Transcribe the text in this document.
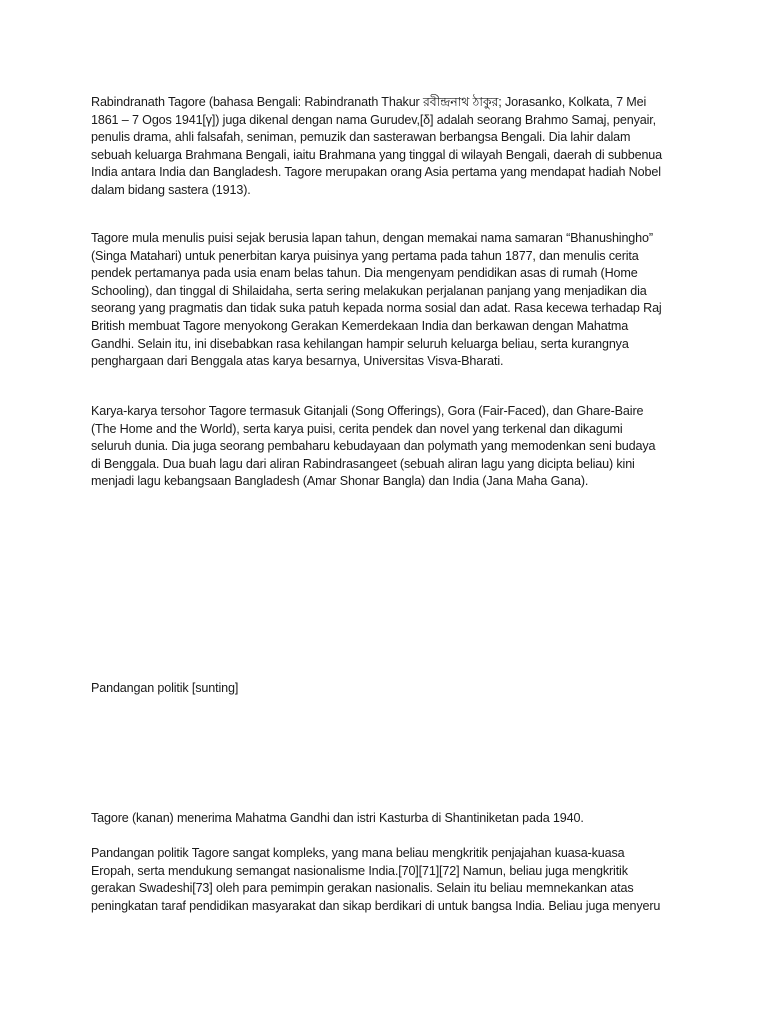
Rabindranath Tagore (bahasa Bengali: Rabindranath Thakur রবীন্দ্রনাথ ঠাকুর; Jorasanko, Kolkata, 7 Mei
1861 – 7 Ogos 1941[γ]) juga dikenal dengan nama Gurudev,[δ] adalah seorang Brahmo Samaj, penyair,
penulis drama, ahli falsafah, seniman, pemuzik dan sasterawan berbangsa Bengali. Dia lahir dalam
sebuah keluarga Brahmana Bengali, iaitu Brahmana yang tinggal di wilayah Bengali, daerah di subbenua
India antara India dan Bangladesh. Tagore merupakan orang Asia pertama yang mendapat hadiah Nobel
dalam bidang sastera (1913).
Tagore mula menulis puisi sejak berusia lapan tahun, dengan memakai nama samaran “Bhanushingho”
(Singa Matahari) untuk penerbitan karya puisinya yang pertama pada tahun 1877, dan menulis cerita
pendek pertamanya pada usia enam belas tahun. Dia mengenyam pendidikan asas di rumah (Home
Schooling), dan tinggal di Shilaidaha, serta sering melakukan perjalanan panjang yang menjadikan dia
seorang yang pragmatis dan tidak suka patuh kepada norma sosial dan adat. Rasa kecewa terhadap Raj
British membuat Tagore menyokong Gerakan Kemerdekaan India dan berkawan dengan Mahatma
Gandhi. Selain itu, ini disebabkan rasa kehilangan hampir seluruh keluarga beliau, serta kurangnya
penghargaan dari Benggala atas karya besarnya, Universitas Visva-Bharati.
Karya-karya tersohor Tagore termasuk Gitanjali (Song Offerings), Gora (Fair-Faced), dan Ghare-Baire
(The Home and the World), serta karya puisi, cerita pendek dan novel yang terkenal dan dikagumi
seluruh dunia. Dia juga seorang pembaharu kebudayaan dan polymath yang memodenkan seni budaya
di Benggala. Dua buah lagu dari aliran Rabindrasangeet (sebuah aliran lagu yang dicipta beliau) kini
menjadi lagu kebangsaan Bangladesh (Amar Shonar Bangla) dan India (Jana Maha Gana).
Pandangan politik [sunting]
Tagore (kanan) menerima Mahatma Gandhi dan istri Kasturba di Shantiniketan pada 1940.
Pandangan politik Tagore sangat kompleks, yang mana beliau mengkritik penjajahan kuasa-kuasa
Eropah, serta mendukung semangat nasionalisme India.[70][71][72] Namun, beliau juga mengkritik
gerakan Swadeshi[73] oleh para pemimpin gerakan nasionalis. Selain itu beliau memnekankan atas
peningkatan taraf pendidikan masyarakat dan sikap berdikari di untuk bangsa India. Beliau juga menyeru
